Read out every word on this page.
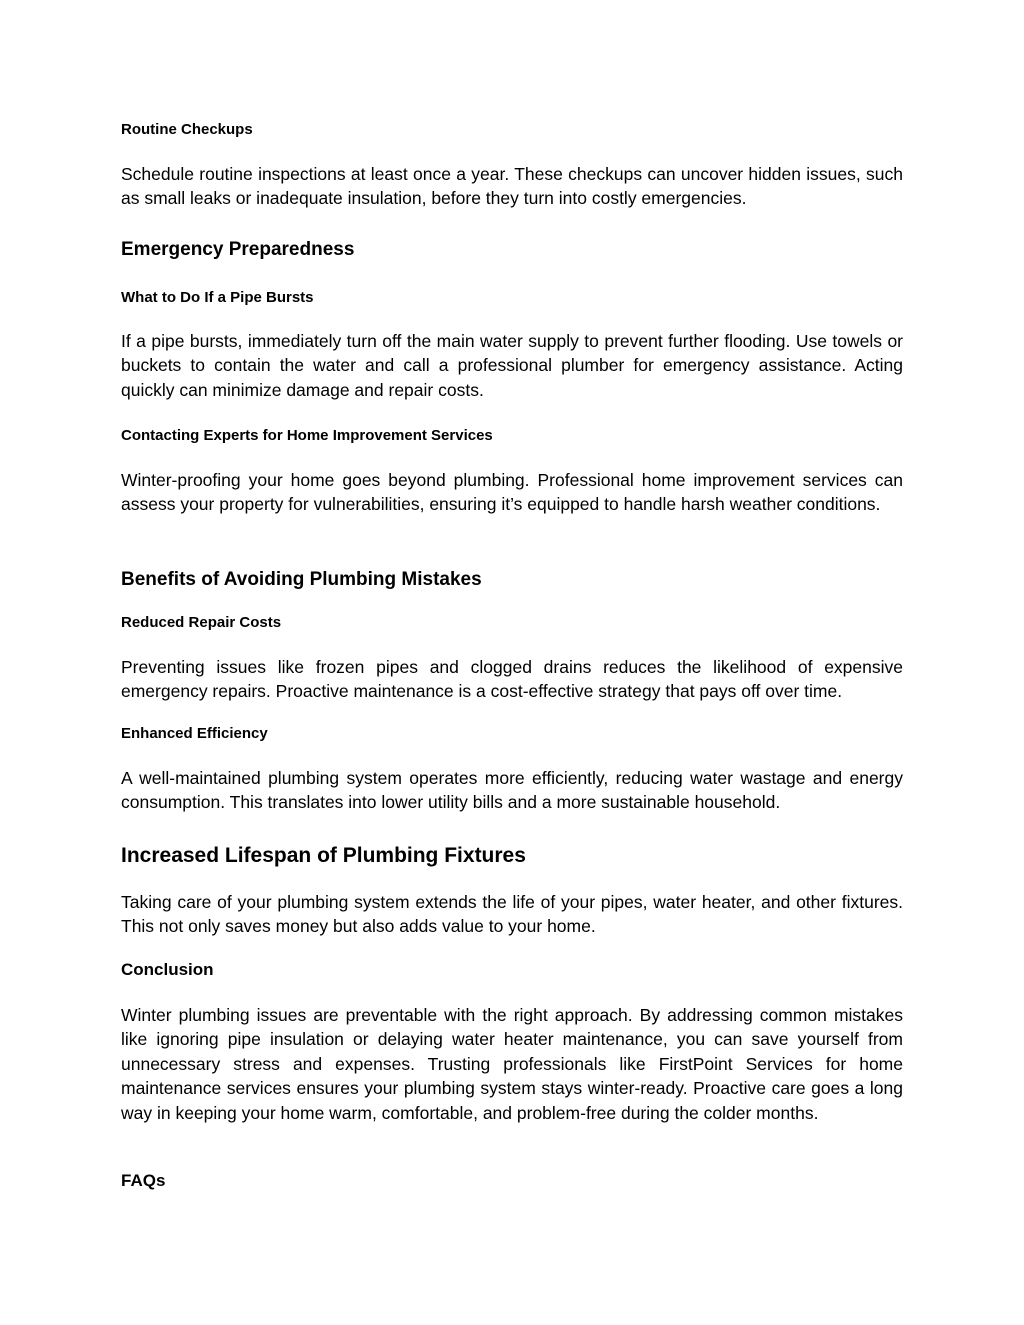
Routine Checkups

Schedule routine inspections at least once a year. These checkups can uncover hidden issues, such as small leaks or inadequate insulation, before they turn into costly emergencies.

Emergency Preparedness
What to Do If a Pipe Bursts

If a pipe bursts, immediately turn off the main water supply to prevent further flooding. Use towels or buckets to contain the water and call a professional plumber for emergency assistance. Acting quickly can minimize damage and repair costs.

Contacting Experts for Home Improvement Services

Winter-proofing your home goes beyond plumbing. Professional home improvement services can assess your property for vulnerabilities, ensuring it’s equipped to handle harsh weather conditions.

Benefits of Avoiding Plumbing Mistakes
Reduced Repair Costs

Preventing issues like frozen pipes and clogged drains reduces the likelihood of expensive emergency repairs. Proactive maintenance is a cost-effective strategy that pays off over time.

Enhanced Efficiency

A well-maintained plumbing system operates more efficiently, reducing water wastage and energy consumption. This translates into lower utility bills and a more sustainable household.

Increased Lifespan of Plumbing Fixtures

Taking care of your plumbing system extends the life of your pipes, water heater, and other fixtures. This not only saves money but also adds value to your home.

Conclusion

Winter plumbing issues are preventable with the right approach. By addressing common mistakes like ignoring pipe insulation or delaying water heater maintenance, you can save yourself from unnecessary stress and expenses. Trusting professionals like FirstPoint Services for home maintenance services ensures your plumbing system stays winter-ready. Proactive care goes a long way in keeping your home warm, comfortable, and problem-free during the colder months.

FAQs
